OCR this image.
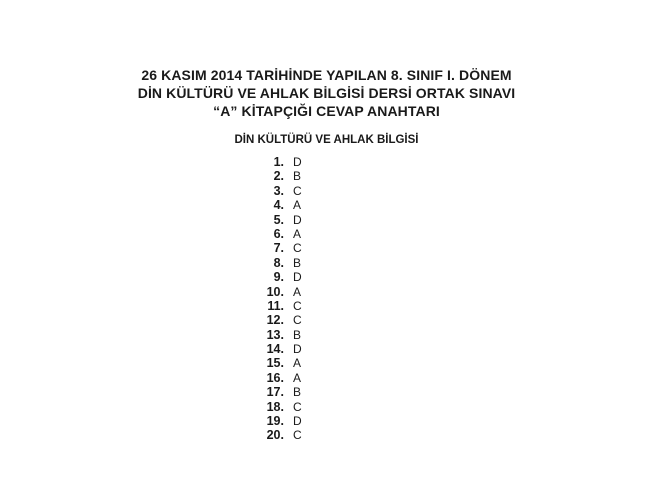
26 KASIM 2014 TARİHİNDE YAPILAN 8. SINIF I. DÖNEM
DİN KÜLTÜRÜ VE AHLAK BİLGİSİ DERSİ ORTAK SINAVI
“A” KİTAPÇIĞI CEVAP ANAHTARI
DİN KÜLTÜRÜ VE AHLAK BİLGİSİ
1. D
2. B
3. C
4. A
5. D
6. A
7. C
8. B
9. D
10. A
11. C
12. C
13. B
14. D
15. A
16. A
17. B
18. C
19. D
20. C
